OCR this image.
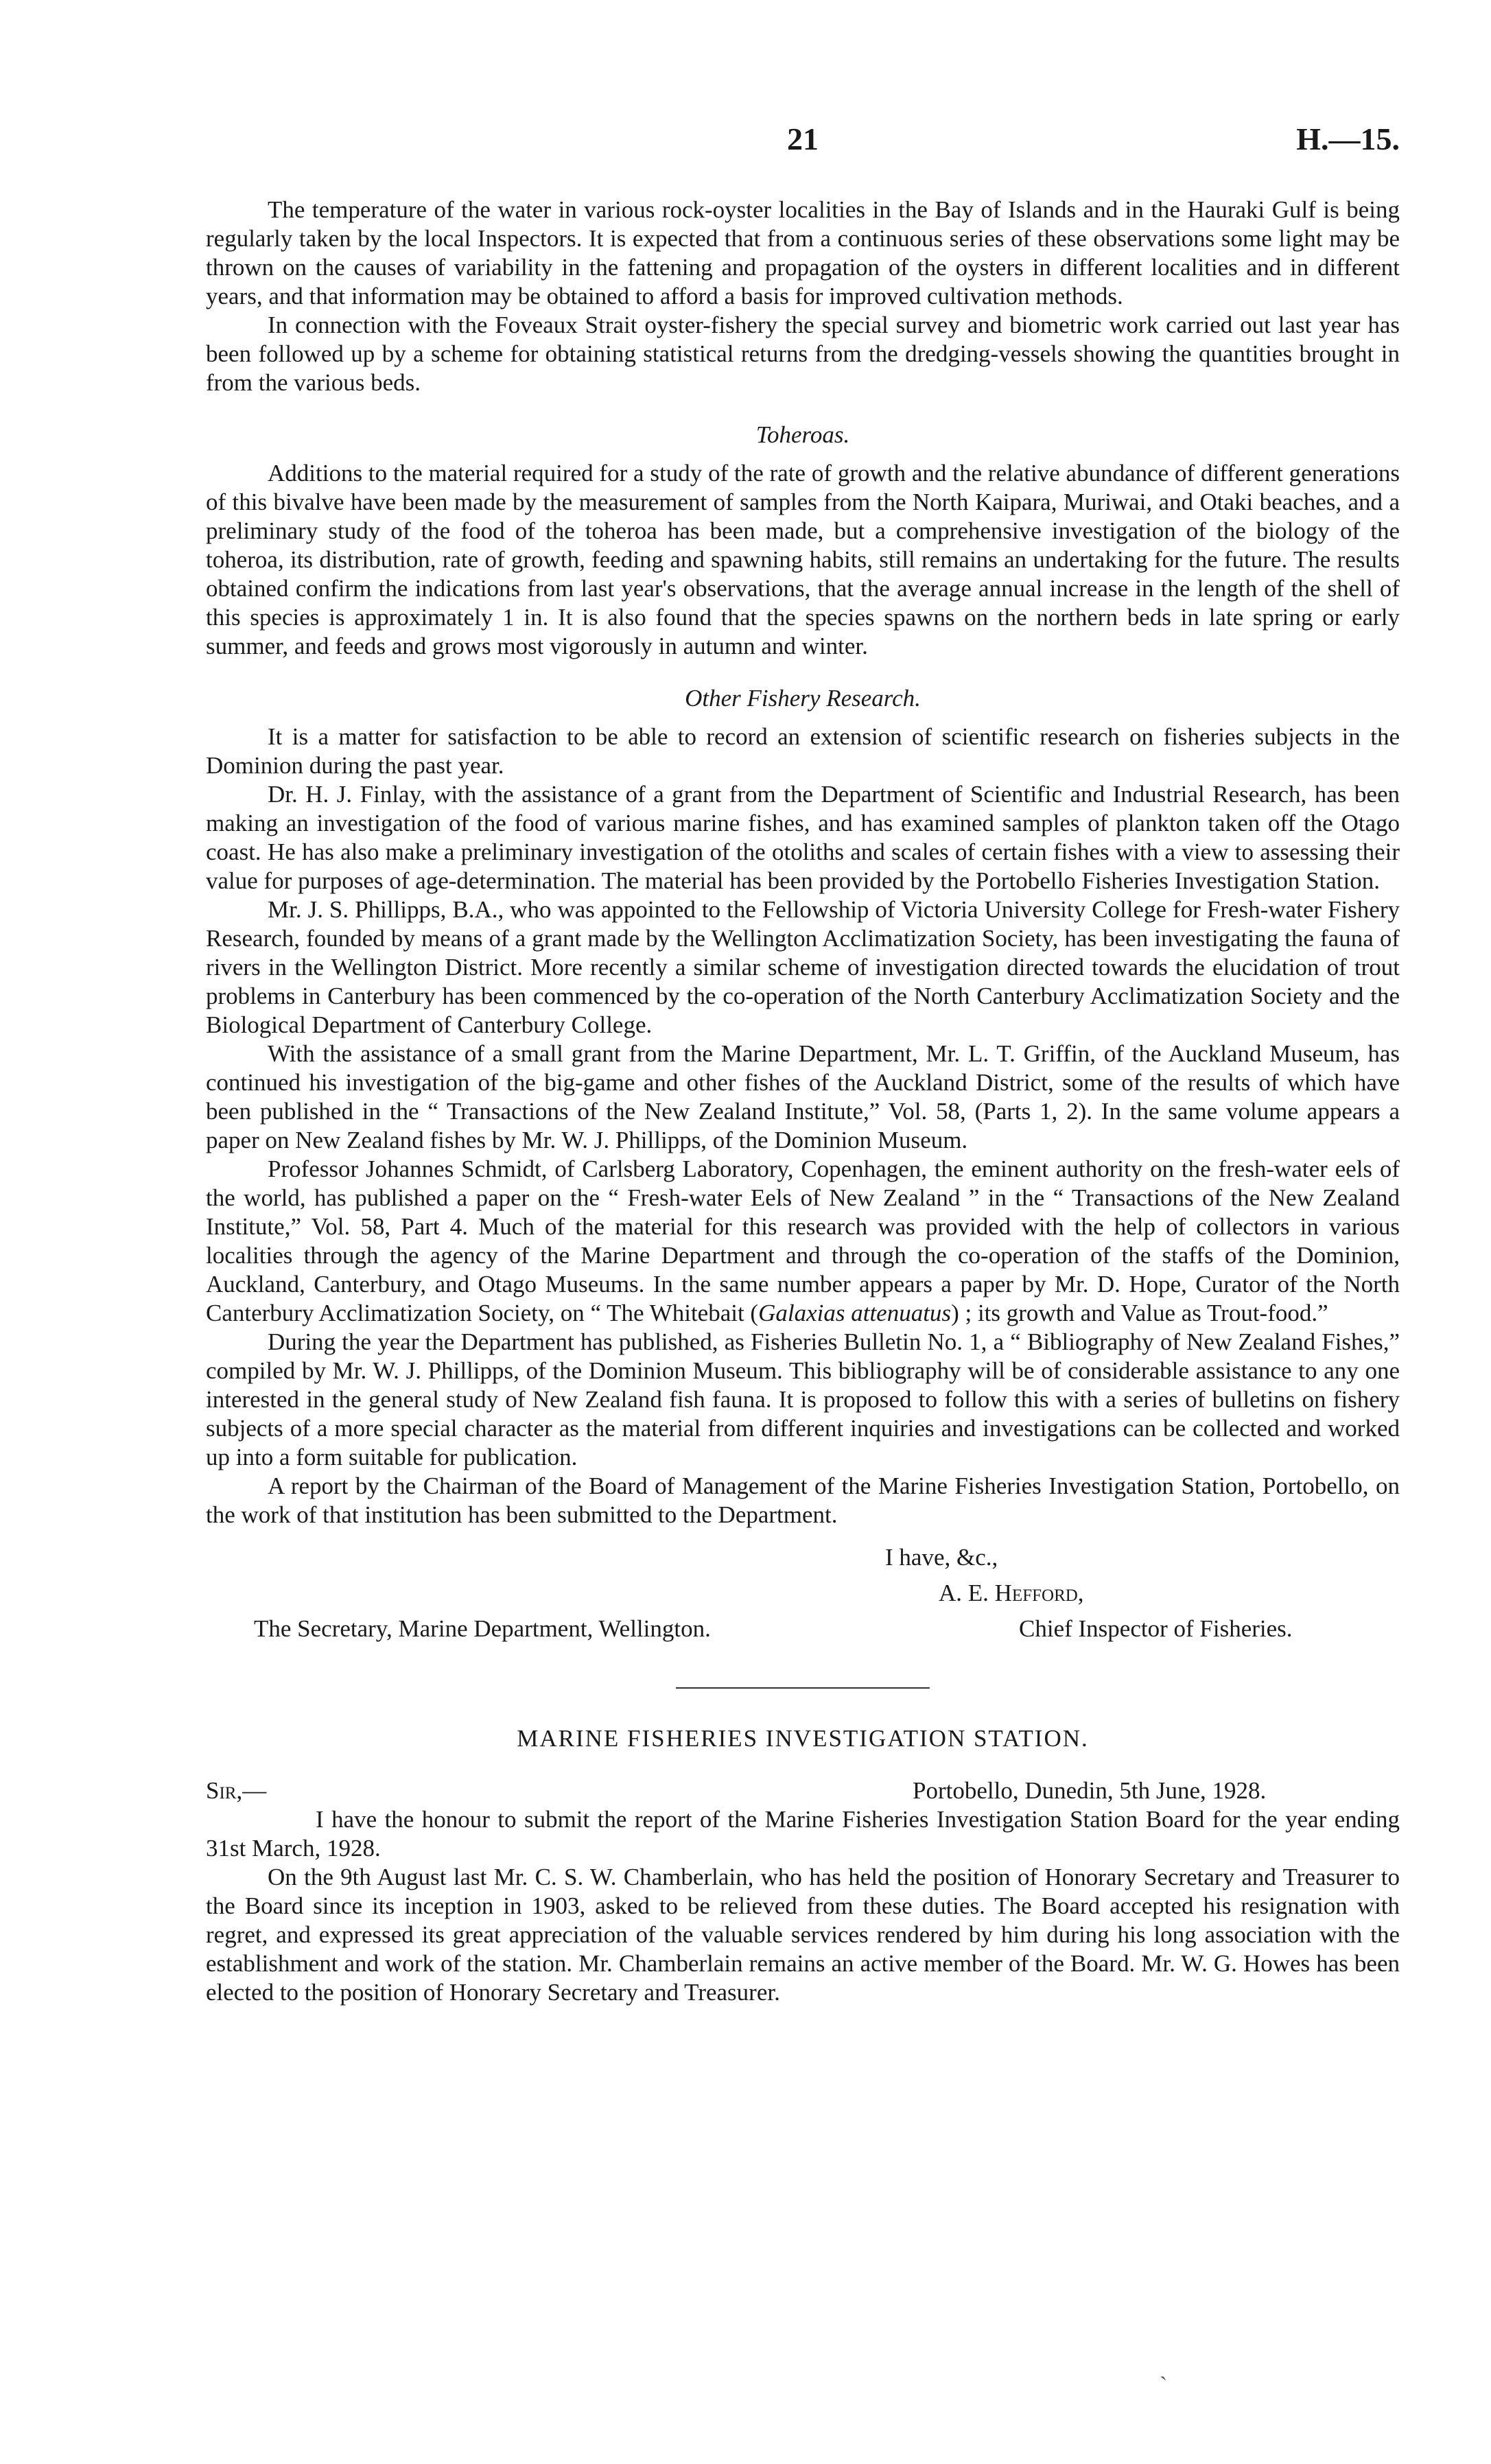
21	H.—15.

The temperature of the water in various rock-oyster localities in the Bay of Islands and in the Hauraki Gulf is being regularly taken by the local Inspectors. It is expected that from a continuous series of these observations some light may be thrown on the causes of variability in the fattening and propagation of the oysters in different localities and in different years, and that information may be obtained to afford a basis for improved cultivation methods.

In connection with the Foveaux Strait oyster-fishery the special survey and biometric work carried out last year has been followed up by a scheme for obtaining statistical returns from the dredging-vessels showing the quantities brought in from the various beds.

Toheroas.

Additions to the material required for a study of the rate of growth and the relative abundance of different generations of this bivalve have been made by the measurement of samples from the North Kaipara, Muriwai, and Otaki beaches, and a preliminary study of the food of the toheroa has been made, but a comprehensive investigation of the biology of the toheroa, its distribution, rate of growth, feeding and spawning habits, still remains an undertaking for the future. The results obtained confirm the indications from last year's observations, that the average annual increase in the length of the shell of this species is approximately 1 in. It is also found that the species spawns on the northern beds in late spring or early summer, and feeds and grows most vigorously in autumn and winter.

Other Fishery Research.

It is a matter for satisfaction to be able to record an extension of scientific research on fisheries subjects in the Dominion during the past year.

Dr. H. J. Finlay, with the assistance of a grant from the Department of Scientific and Industrial Research, has been making an investigation of the food of various marine fishes, and has examined samples of plankton taken off the Otago coast. He has also make a preliminary investigation of the otoliths and scales of certain fishes with a view to assessing their value for purposes of age-determination. The material has been provided by the Portobello Fisheries Investigation Station.

Mr. J. S. Phillipps, B.A., who was appointed to the Fellowship of Victoria University College for Fresh-water Fishery Research, founded by means of a grant made by the Wellington Acclimatization Society, has been investigating the fauna of rivers in the Wellington District. More recently a similar scheme of investigation directed towards the elucidation of trout problems in Canterbury has been commenced by the co-operation of the North Canterbury Acclimatization Society and the Biological Department of Canterbury College.

With the assistance of a small grant from the Marine Department, Mr. L. T. Griffin, of the Auckland Museum, has continued his investigation of the big-game and other fishes of the Auckland District, some of the results of which have been published in the “ Transactions of the New Zealand Institute,” Vol. 58, (Parts 1, 2). In the same volume appears a paper on New Zealand fishes by Mr. W. J. Phillipps, of the Dominion Museum.

Professor Johannes Schmidt, of Carlsberg Laboratory, Copenhagen, the eminent authority on the fresh-water eels of the world, has published a paper on the “ Fresh-water Eels of New Zealand ” in the “ Transactions of the New Zealand Institute,” Vol. 58, Part 4. Much of the material for this research was provided with the help of collectors in various localities through the agency of the Marine Department and through the co-operation of the staffs of the Dominion, Auckland, Canterbury, and Otago Museums. In the same number appears a paper by Mr. D. Hope, Curator of the North Canterbury Acclimatization Society, on “ The Whitebait (Galaxias attenuatus) ; its growth and Value as Trout-food.”

During the year the Department has published, as Fisheries Bulletin No. 1, a “ Bibliography of New Zealand Fishes,” compiled by Mr. W. J. Phillipps, of the Dominion Museum. This bibliography will be of considerable assistance to any one interested in the general study of New Zealand fish fauna. It is proposed to follow this with a series of bulletins on fishery subjects of a more special character as the material from different inquiries and investigations can be collected and worked up into a form suitable for publication.

A report by the Chairman of the Board of Management of the Marine Fisheries Investigation Station, Portobello, on the work of that institution has been submitted to the Department.

I have, &c.,
A. E. Hefford,
The Secretary, Marine Department, Wellington.	Chief Inspector of Fisheries.
MARINE FISHERIES INVESTIGATION STATION.
Sir,—	Portobello, Dunedin, 5th June, 1928.

I have the honour to submit the report of the Marine Fisheries Investigation Station Board for the year ending 31st March, 1928.

On the 9th August last Mr. C. S. W. Chamberlain, who has held the position of Honorary Secretary and Treasurer to the Board since its inception in 1903, asked to be relieved from these duties. The Board accepted his resignation with regret, and expressed its great appreciation of the valuable services rendered by him during his long association with the establishment and work of the station. Mr. Chamberlain remains an active member of the Board. Mr. W. G. Howes has been elected to the position of Honorary Secretary and Treasurer.

ˏ
